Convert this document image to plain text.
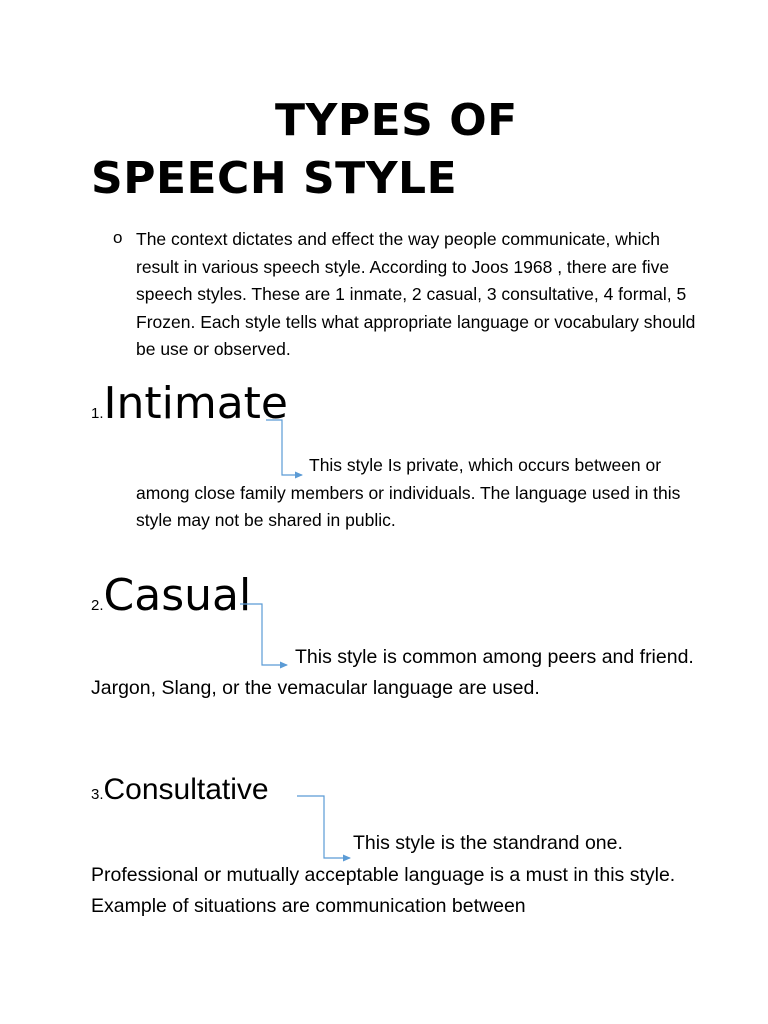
TYPES OF
SPEECH STYLE
o The context dictates and effect the way people communicate, which result in various speech style. According to Joos 1968 , there are five speech styles. These are 1 inmate, 2 casual, 3 consultative, 4 formal, 5 Frozen. Each style tells what appropriate language or vocabulary should be use or observed.

1.Intimate

This style Is private, which occurs between or among close family members or individuals. The language used in this style may not be shared in public.

2.Casual

This style is common among peers and friend. Jargon, Slang, or the vemacular language are used.

3.Consultative

This style is the standrand one. Professional or mutually acceptable language is a must in this style. Example of situations are communication between
